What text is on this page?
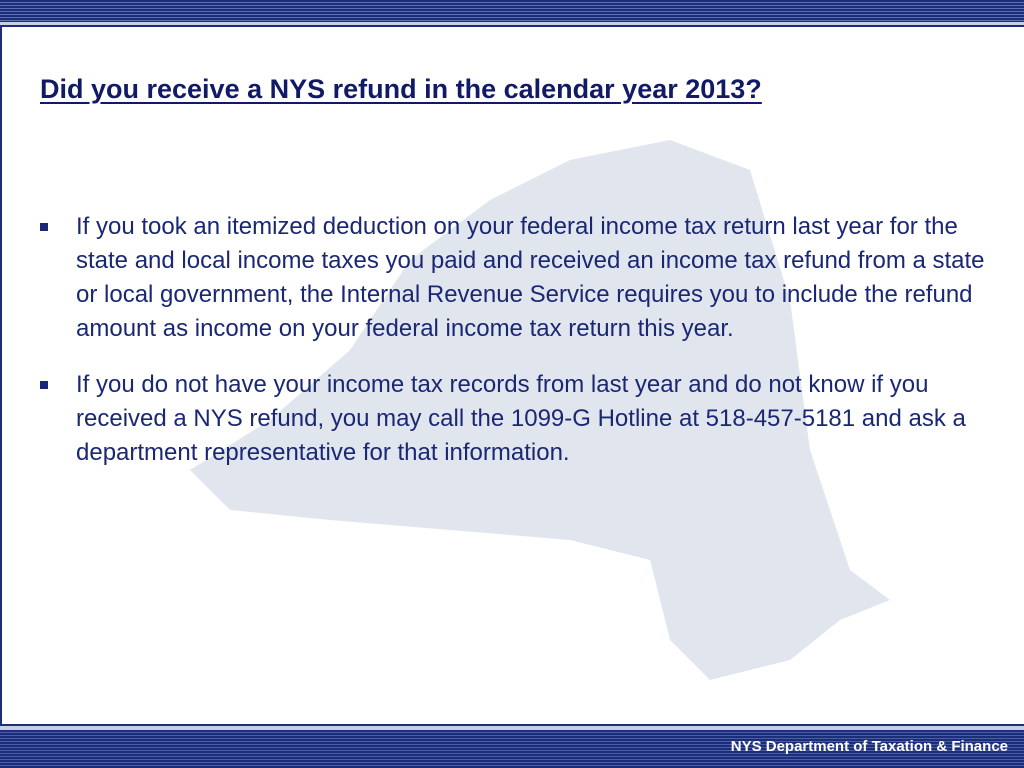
Did you receive a NYS refund in the calendar year 2013?
If you took an itemized deduction on your federal income tax return last year for the state and local income taxes you paid and received an income tax refund from a state or local government, the Internal Revenue Service requires you to include the refund amount as income on your federal income tax return this year.
If you do not have your income tax records from last year and do not know if you received a NYS refund, you may call the 1099-G Hotline at 518-457-5181 and ask a department representative for that information.
NYS Department of Taxation & Finance
